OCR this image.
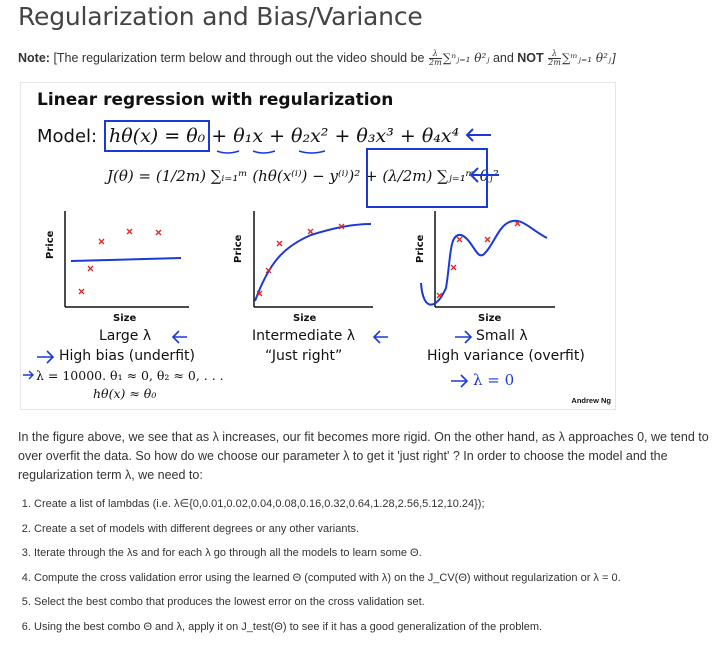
Regularization and Bias/Variance
Note: [The regularization term below and through out the video should be $\frac{\lambda}{2m}$ ∑ⁿⱼ₌₁ θ²ⱼ and NOT $\frac{\lambda}{2m}$ ∑ᵐⱼ₌₁ θ²ⱼ]
Linear regression with regularization
Model: hθ(x) = θ₀ + θ₁x + θ₂x² + θ₃x³ + θ₄x⁴
J(θ) = (1/2m) ∑ᵢ₌₁ᵐ (hθ(x⁽ⁱ⁾) − y⁽ⁱ⁾)² + (λ/2m) ∑ⱼ₌₁ᵐ θⱼ²
Price
Size
Price
Size
Price
Size
Large λ
High bias (underfit)
Intermediate λ
“Just right”
Small λ
High variance (overfit)
λ = 10000. θ₁ ≈ 0, θ₂ ≈ 0, . . .
hθ(x) ≈ θ₀
λ = 0
Andrew Ng
In the figure above, we see that as λ increases, our fit becomes more rigid. On the other hand, as λ approaches 0, we tend to over overfit the data. So how do we choose our parameter λ to get it 'just right' ? In order to choose the model and the regularization term λ, we need to:
1. Create a list of lambdas (i.e. λ∈{0,0.01,0.02,0.04,0.08,0.16,0.32,0.64,1.28,2.56,5.12,10.24});
2. Create a set of models with different degrees or any other variants.
3. Iterate through the λs and for each λ go through all the models to learn some Θ.
4. Compute the cross validation error using the learned Θ (computed with λ) on the J_CV(Θ) without regularization or λ = 0.
5. Select the best combo that produces the lowest error on the cross validation set.
6. Using the best combo Θ and λ, apply it on J_test(Θ) to see if it has a good generalization of the problem.
